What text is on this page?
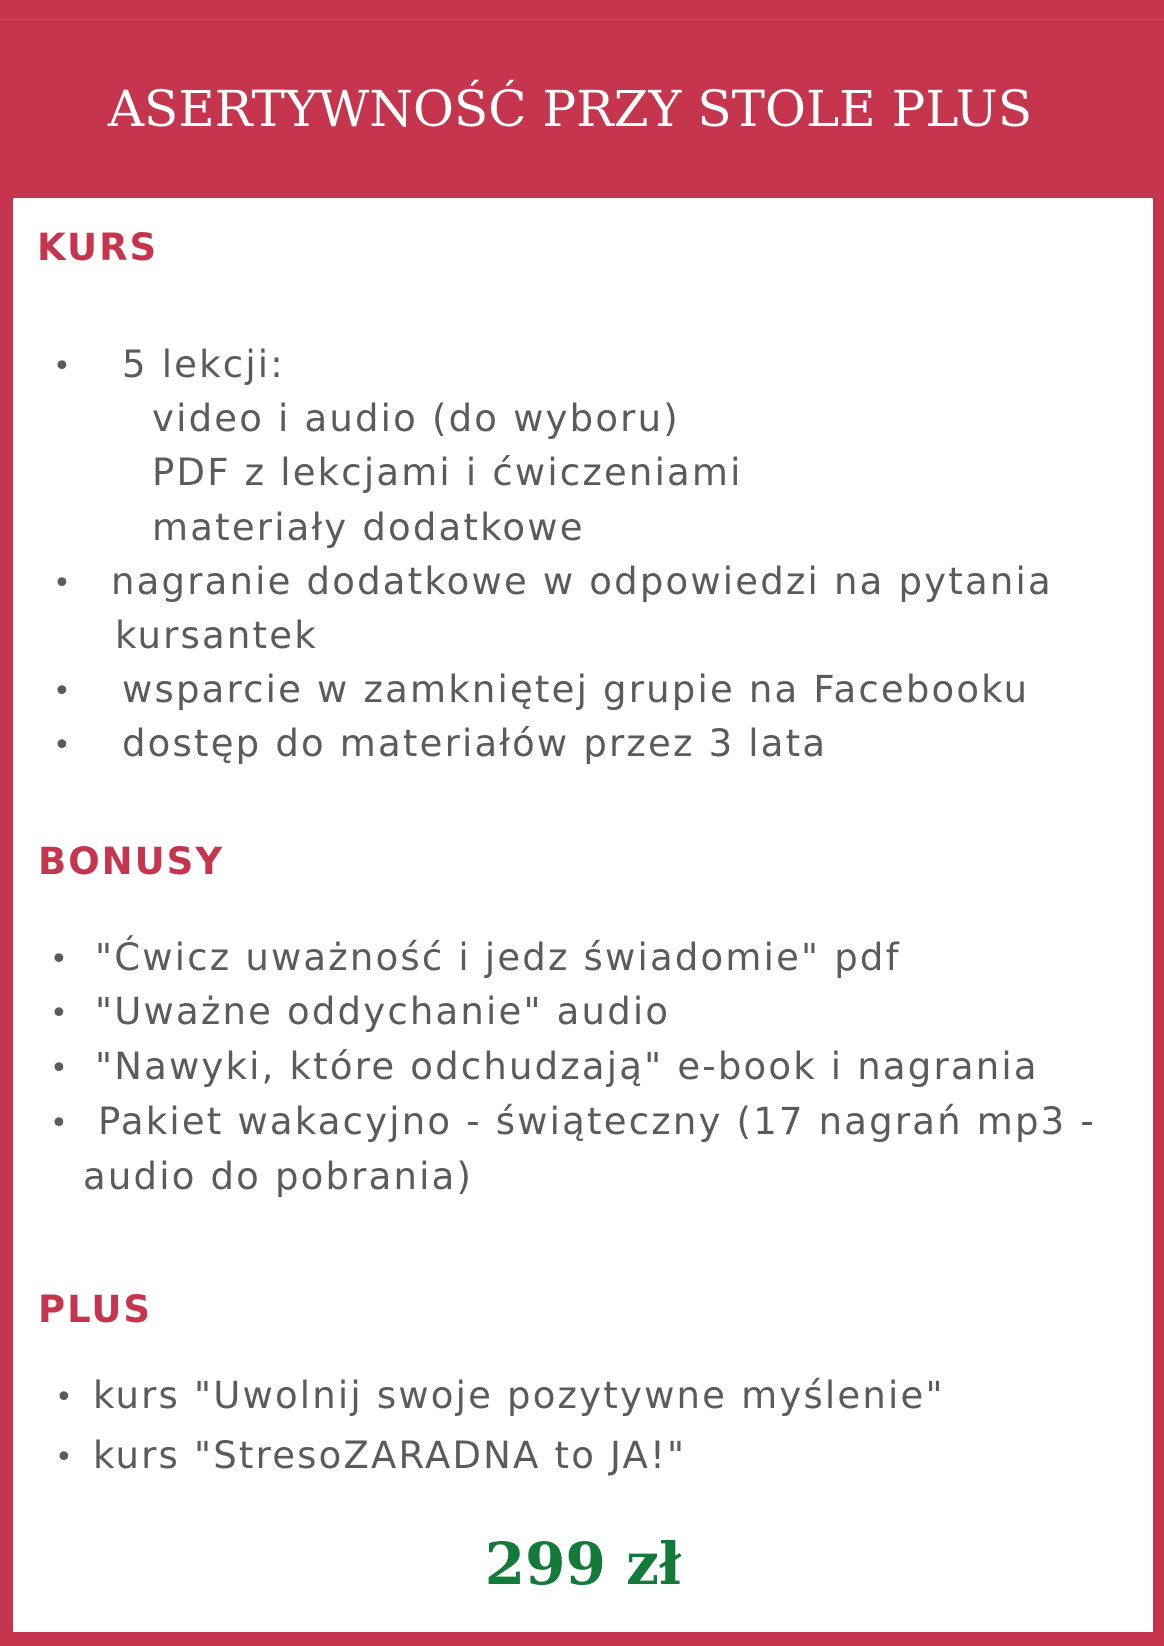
ASERTYWNOŚĆ PRZY STOLE PLUS
KURS
•
5 lekcji:
video i audio (do wyboru)
PDF z lekcjami i ćwiczeniami
materiały dodatkowe
•
nagranie dodatkowe w odpowiedzi na pytania
kursantek
•
wsparcie w zamkniętej grupie na Facebooku
•
dostęp do materiałów przez 3 lata
BONUSY
•
"Ćwicz uważność i jedz świadomie" pdf
•
"Uważne oddychanie" audio
•
"Nawyki, które odchudzają" e-book i nagrania
•
Pakiet wakacyjno - świąteczny (17 nagrań mp3 -
audio do pobrania)
PLUS
•
kurs "Uwolnij swoje pozytywne myślenie"
•
kurs "StresoZARADNA to JA!"
299 zł
